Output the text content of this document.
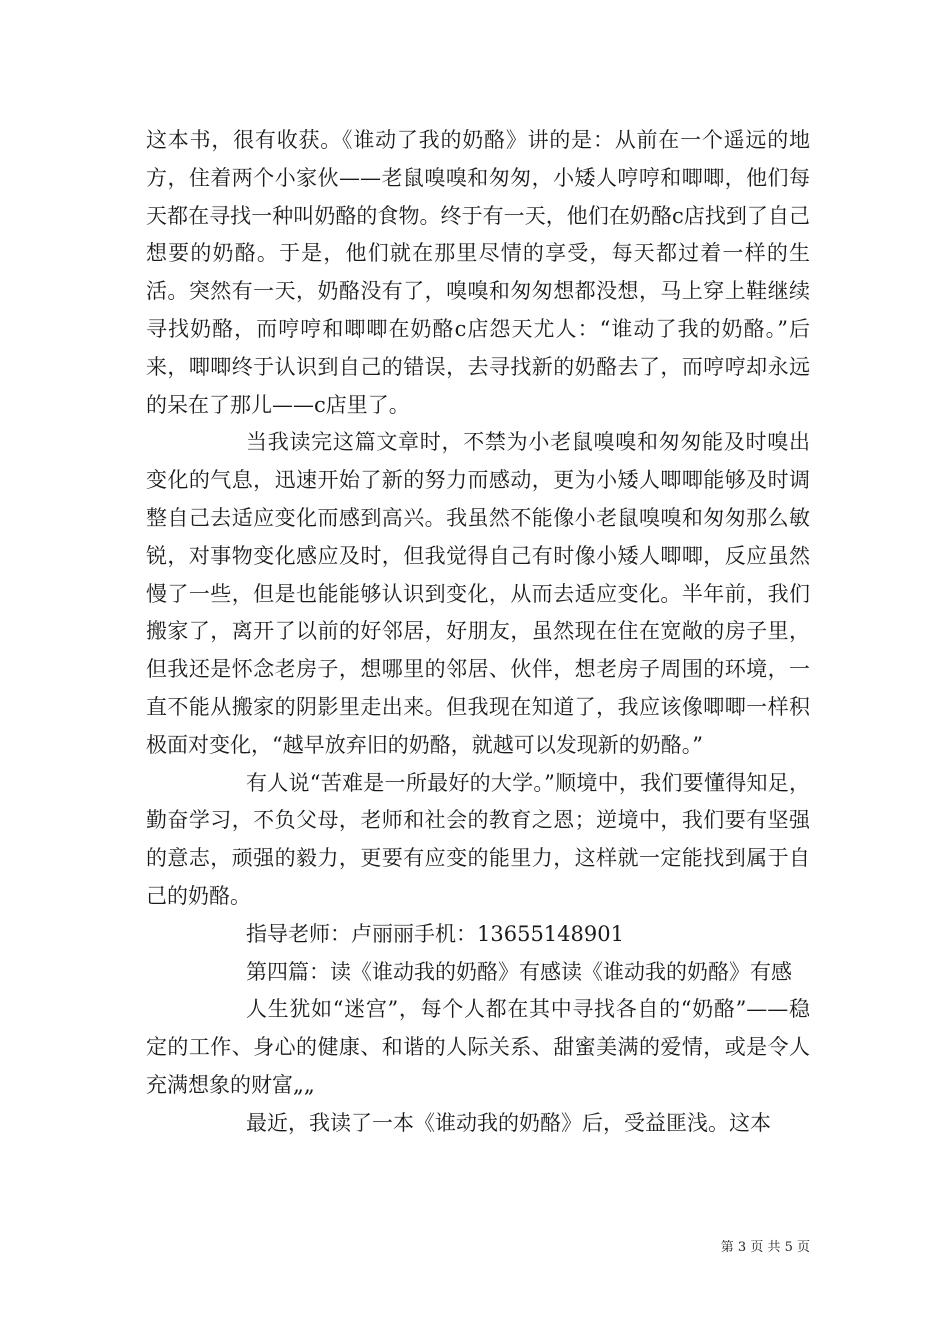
这本书，很有收获。《谁动了我的奶酪》讲的是：从前在一个遥远的地方，住着两个小家伙——老鼠嗅嗅和匆匆，小矮人哼哼和唧唧，他们每天都在寻找一种叫奶酪的食物。终于有一天，他们在奶酪c店找到了自己想要的奶酪。于是，他们就在那里尽情的享受，每天都过着一样的生活。突然有一天，奶酪没有了，嗅嗅和匆匆想都没想，马上穿上鞋继续寻找奶酪，而哼哼和唧唧在奶酪c店怨天尤人：“谁动了我的奶酪。”后来，唧唧终于认识到自己的错误，去寻找新的奶酪去了，而哼哼却永远的呆在了那儿——c店里了。

当我读完这篇文章时，不禁为小老鼠嗅嗅和匆匆能及时嗅出变化的气息，迅速开始了新的努力而感动，更为小矮人唧唧能够及时调整自己去适应变化而感到高兴。我虽然不能像小老鼠嗅嗅和匆匆那么敏锐，对事物变化感应及时，但我觉得自己有时像小矮人唧唧，反应虽然慢了一些，但是也能能够认识到变化，从而去适应变化。半年前，我们搬家了，离开了以前的好邻居，好朋友，虽然现在住在宽敞的房子里，但我还是怀念老房子，想哪里的邻居、伙伴，想老房子周围的环境，一直不能从搬家的阴影里走出来。但我现在知道了，我应该像唧唧一样积极面对变化，“越早放弃旧的奶酪，就越可以发现新的奶酪。”

有人说“苦难是一所最好的大学。”顺境中，我们要懂得知足，勤奋学习，不负父母，老师和社会的教育之恩；逆境中，我们要有坚强的意志，顽强的毅力，更要有应变的能里力，这样就一定能找到属于自己的奶酪。

指导老师：卢丽丽手机：13655148901

第四篇：读《谁动我的奶酪》有感读《谁动我的奶酪》有感

人生犹如“迷宫”，每个人都在其中寻找各自的“奶酪”——稳定的工作、身心的健康、和谐的人际关系、甜蜜美满的爱情，或是令人充满想象的财富„„

最近，我读了一本《谁动我的奶酪》后，受益匪浅。这本

第 3 页 共 5 页
